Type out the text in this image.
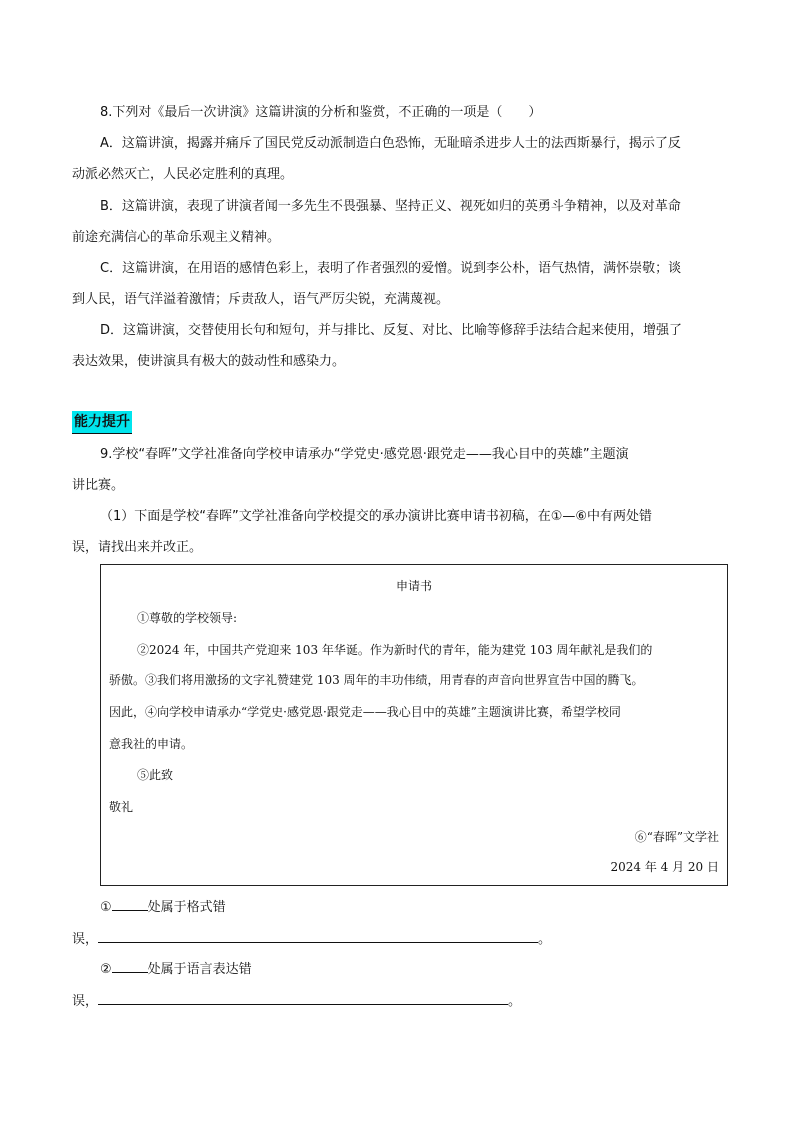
8.下列对《最后一次讲演》这篇讲演的分析和鉴赏，不正确的一项是（　　）
A．这篇讲演，揭露并痛斥了国民党反动派制造白色恐怖，无耻暗杀进步人士的法西斯暴行，揭示了反
动派必然灭亡，人民必定胜利的真理。
B．这篇讲演，表现了讲演者闻一多先生不畏强暴、坚持正义、视死如归的英勇斗争精神，以及对革命
前途充满信心的革命乐观主义精神。
C．这篇讲演，在用语的感情色彩上，表明了作者强烈的爱憎。说到李公朴，语气热情，满怀崇敬；谈
到人民，语气洋溢着激情；斥责敌人，语气严厉尖锐，充满蔑视。
D．这篇讲演，交替使用长句和短句，并与排比、反复、对比、比喻等修辞手法结合起来使用，增强了
表达效果，使讲演具有极大的鼓动性和感染力。
能力提升
9.学校“春晖”文学社准备向学校申请承办“学党史·感党恩·跟党走——我心目中的英雄”主题演
讲比赛。
（1）下面是学校“春晖”文学社准备向学校提交的承办演讲比赛申请书初稿，在①—⑥中有两处错
误，请找出来并改正。
申请书
①尊敬的学校领导:
②2024 年，中国共产党迎来 103 年华诞。作为新时代的青年，能为建党 103 周年献礼是我们的
骄傲。③我们将用激扬的文字礼赞建党 103 周年的丰功伟绩，用青春的声音向世界宣告中国的腾飞。
因此，④向学校申请承办“学党史·感党恩·跟党走——我心目中的英雄”主题演讲比赛，希望学校同
意我社的申请。
⑤此致
敬礼
⑥“春晖”文学社
2024 年 4 月 20 日
①	处属于格式错
误，	。
②	处属于语言表达错
误，	。
